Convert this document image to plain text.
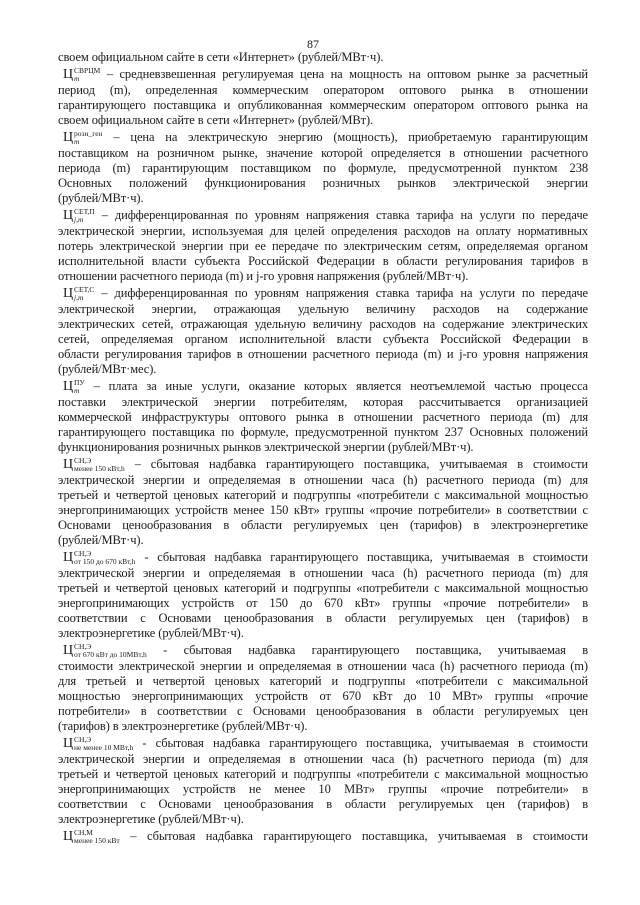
87
своем официальном сайте в сети «Интернет» (рублей/МВт·ч).
Ц СВРЦМ
m	– средневзвешенная регулируемая цена на мощность на оптовом рынке за расчетный
период (m), определенная коммерческим оператором оптового рынка в отношении
гарантирующего поставщика и опубликованная коммерческим оператором оптового рынка на
своем официальном сайте в сети «Интернет» (рублей/МВт).
Ц розн_ген
m	– цена на электрическую энергию (мощность), приобретаемую гарантирующим
поставщиком на розничном рынке, значение которой определяется в отношении расчетного
периода (m) гарантирующим поставщиком по формуле, предусмотренной пунктом 238
Основных положений функционирования розничных рынков электрической энергии
(рублей/МВт·ч).
Ц СЕТ,П
j,m	– дифференцированная по уровням напряжения ставка тарифа на услуги по передаче
электрической энергии, используемая для целей определения расходов на оплату нормативных
потерь электрической энергии при ее передаче по электрическим сетям, определяемая органом
исполнительной власти субъекта Российской Федерации в области регулирования тарифов в
отношении расчетного периода (m) и j-го уровня напряжения (рублей/МВт·ч).
Ц СЕТ,С
j,m	– дифференцированная по уровням напряжения ставка тарифа на услуги по передаче
электрической энергии, отражающая удельную величину расходов на содержание
электрических сетей, отражающая удельную величину расходов на содержание электрических
сетей, определяемая органом исполнительной власти субъекта Российской Федерации в
области регулирования тарифов в отношении расчетного периода (m) и j-го уровня напряжения
(рублей/МВт·мес).
Ц ПУ
m	– плата за иные услуги, оказание которых является неотъемлемой частью процесса
поставки электрической энергии потребителям, которая рассчитывается организацией
коммерческой инфраструктуры оптового рынка в отношении расчетного периода (m) для
гарантирующего поставщика по формуле, предусмотренной пунктом 237 Основных положений
функционирования розничных рынков электрической энергии (рублей/МВт·ч).
Ц СН,Э
менее 150 кВт,h – сбытовая надбавка гарантирующего поставщика, учитываемая в стоимости
электрической энергии и определяемая в отношении часа (h) расчетного периода (m) для
третьей и четвертой ценовых категорий и подгруппы «потребители с максимальной мощностью
энергопринимающих устройств менее 150 кВт» группы «прочие потребители» в соответствии с
Основами ценообразования в области регулируемых цен (тарифов) в электроэнергетике
(рублей/МВт·ч).
Ц СН,Э
от 150 до 670 кВт,h - сбытовая надбавка гарантирующего поставщика, учитываемая в стоимости
электрической энергии и определяемая в отношении часа (h) расчетного периода (m) для
третьей и четвертой ценовых категорий и подгруппы «потребители с максимальной мощностью
энергопринимающих устройств от 150 до 670 кВт» группы «прочие потребители» в
соответствии с Основами ценообразования в области регулируемых цен (тарифов) в
электроэнергетике (рублей/МВт·ч).
Ц СН,Э
от 670 кВт до 10МВт,h - сбытовая надбавка гарантирующего поставщика, учитываемая в
стоимости электрической энергии и определяемая в отношении часа (h) расчетного периода (m)
для третьей и четвертой ценовых категорий и подгруппы «потребители с максимальной
мощностью энергопринимающих устройств от 670 кВт до 10 МВт» группы «прочие
потребители» в соответствии с Основами ценообразования в области регулируемых цен
(тарифов) в электроэнергетике (рублей/МВт·ч).
Ц СН,Э
не менее 10 МВт,h - сбытовая надбавка гарантирующего поставщика, учитываемая в стоимости
электрической энергии и определяемая в отношении часа (h) расчетного периода (m) для
третьей и четвертой ценовых категорий и подгруппы «потребители с максимальной мощностью
энергопринимающих устройств не менее 10 МВт» группы «прочие потребители» в
соответствии с Основами ценообразования в области регулируемых цен (тарифов) в
электроэнергетике (рублей/МВт·ч).
Ц СН,М
менее 150 кВт – сбытовая надбавка гарантирующего поставщика, учитываемая в стоимости
